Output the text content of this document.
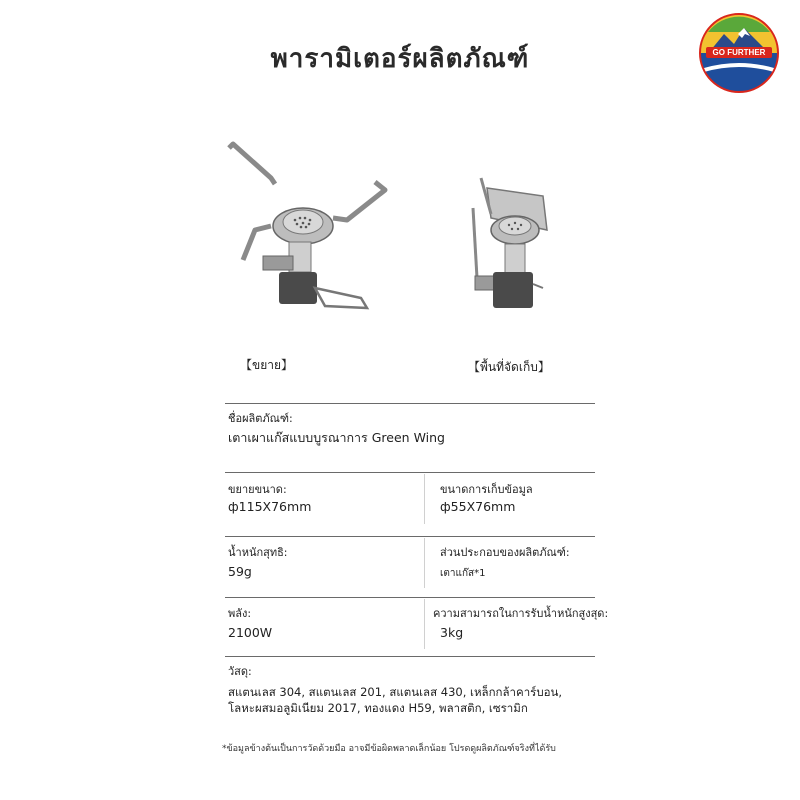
พารามิเตอร์ผลิตภัณฑ์	GO FURTHER
【ขยาย】	【พื้นที่จัดเก็บ】
ชื่อผลิตภัณฑ์:
เตาเผาแก๊สแบบบูรณาการ Green Wing
ขยายขนาด:
ф115X76mm
ขนาดการเก็บข้อมูล
ф55X76mm
น้ำหนักสุทธิ:
59g
ส่วนประกอบของผลิตภัณฑ์:
เตาแก๊ส*1
พลัง:
2100W
ความสามารถในการรับน้ำหนักสูงสุด:
3kg
วัสดุ:
สแตนเลส 304, สแตนเลส 201, สแตนเลส 430, เหล็กกล้าคาร์บอน,
โลหะผสมอลูมิเนียม 2017, ทองแดง H59, พลาสติก, เซรามิก
*ข้อมูลข้างต้นเป็นการวัดด้วยมือ อาจมีข้อผิดพลาดเล็กน้อย โปรดดูผลิตภัณฑ์จริงที่ได้รับ
